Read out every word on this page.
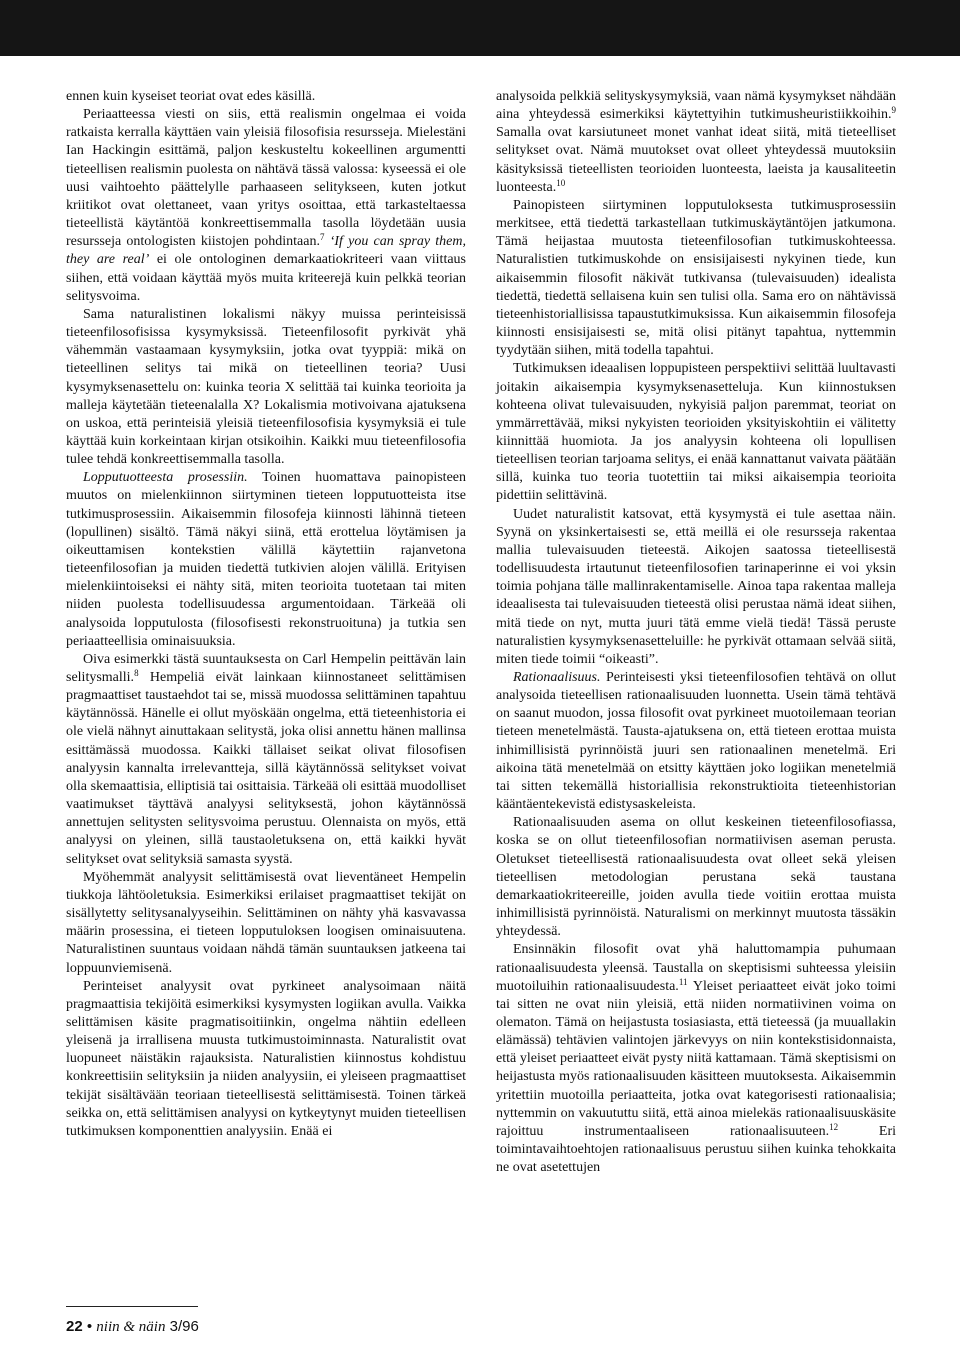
ennen kuin kyseiset teoriat ovat edes käsillä.

Periaatteessa viesti on siis, että realismin ongelmaa ei voida ratkaista kerralla käyttäen vain yleisiä filosofisia resursseja. Mielestäni Ian Hackingin esittämä, paljon keskusteltu kokeellinen argumentti tieteellisen realismin puolesta on nähtävä tässä valossa: kyseessä ei ole uusi vaihtoehto päättelylle parhaaseen selitykseen, kuten jotkut kriitikot ovat olettaneet, vaan yritys osoittaa, että tarkasteltaessa tieteellistä käytäntöä konkreettisemmalla tasolla löydetään uusia resursseja ontologisten kiistojen pohdintaan.$^7$ ‘If you can spray them, they are real’ ei ole ontologinen demarkaatiokriteeri vaan viittaus siihen, että voidaan käyttää myös muita kriteerejä kuin pelkkä teorian selitysvoima.

Sama naturalistinen lokalismi näkyy muissa perinteisissä tieteenfilosofisissa kysymyksissä. Tieteenfilosofit pyrkivät yhä vähemmän vastaamaan kysymyksiin, jotka ovat tyyppiä: mikä on tieteellinen selitys tai mikä on tieteellinen teoria? Uusi kysymyksenasettelu on: kuinka teoria X selittää tai kuinka teorioita ja malleja käytetään tieteenalalla X? Lokalismia motivoivana ajatuksena on uskoa, että perinteisiä yleisiä tieteenfilosofisia kysymyksiä ei tule käyttää kuin korkeintaan kirjan otsikoihin. Kaikki muu tieteenfilosofia tulee tehdä konkreettisemmalla tasolla.

Lopputuotteesta prosessiin. Toinen huomattava painopisteen muutos on mielenkiinnon siirtyminen tieteen lopputuotteista itse tutkimusprosessiin. Aikaisemmin filosofeja kiinnosti lähinnä tieteen (lopullinen) sisältö. Tämä näkyi siinä, että erottelua löytämisen ja oikeuttamisen kontekstien välillä käytettiin rajanvetona tieteenfilosofian ja muiden tiedettä tutkivien alojen välillä. Erityisen mielenkiintoiseksi ei nähty sitä, miten teorioita tuotetaan tai miten niiden puolesta todellisuudessa argumentoidaan. Tärkeää oli analysoida lopputulosta (filosofisesti rekonstruoituna) ja tutkia sen periaatteellisia ominaisuuksia.

Oiva esimerkki tästä suuntauksesta on Carl Hempelin peittävän lain selitysmalli.$^8$ Hempeliä eivät lainkaan kiinnostaneet selittämisen pragmaattiset taustaehdot tai se, missä muodossa selittäminen tapahtuu käytännössä. Hänelle ei ollut myöskään ongelma, että tieteenhistoria ei ole vielä nähnyt ainuttakaan selitystä, joka olisi annettu hänen mallinsa esittämässä muodossa. Kaikki tällaiset seikat olivat filosofisen analyysin kannalta irrelevantteja, sillä käytännössä selitykset voivat olla skemaattisia, elliptisiä tai osittaisia. Tärkeää oli esittää muodolliset vaatimukset täyttävä analyysi selityksestä, johon käytännössä annettujen selitysten selitysvoima perustuu. Olennaista on myös, että analyysi on yleinen, sillä taustaoletuksena on, että kaikki hyvät selitykset ovat selityksiä samasta syystä.

Myöhemmät analyysit selittämisestä ovat lieventäneet Hempelin tiukkoja lähtöoletuksia. Esimerkiksi erilaiset pragmaattiset tekijät on sisällytetty selitysanalyyseihin. Selittäminen on nähty yhä kasvavassa määrin prosessina, ei tieteen lopputuloksen loogisen ominaisuutena. Naturalistinen suuntaus voidaan nähdä tämän suuntauksen jatkeena tai loppuunviemisenä.

Perinteiset analyysit ovat pyrkineet analysoimaan näitä pragmaattisia tekijöitä esimerkiksi kysymysten logiikan avulla. Vaikka selittämisen käsite pragmatisoitiinkin, ongelma nähtiin edelleen yleisenä ja irrallisena muusta tutkimustoiminnasta. Naturalistit ovat luopuneet näistäkin rajauksista. Naturalistien kiinnostus kohdistuu konkreettisiin selityksiin ja niiden analyysiin, ei yleiseen pragmaattiset tekijät sisältävään teoriaan tieteellisestä selittämisestä. Toinen tärkeä seikka on, että selittämisen analyysi on kytkeytynyt muiden tieteellisen tutkimuksen komponenttien analyysiin. Enää ei

analysoida pelkkiä selityskysymyksiä, vaan nämä kysymykset nähdään aina yhteydessä esimerkiksi käytettyihin tutkimusheuristiikkoihin.$^9$ Samalla ovat karsiutuneet monet vanhat ideat siitä, mitä tieteelliset selitykset ovat. Nämä muutokset ovat olleet yhteydessä muutoksiin käsityksissä tieteellisten teorioiden luonteesta, laeista ja kausaliteetin luonteesta.$^{10}$

Painopisteen siirtyminen lopputuloksesta tutkimusprosessiin merkitsee, että tiedettä tarkastellaan tutkimuskäytäntöjen jatkumona. Tämä heijastaa muutosta tieteenfilosofian tutkimuskohteessa. Naturalistien tutkimuskohde on ensisijaisesti nykyinen tiede, kun aikaisemmin filosofit näkivät tutkivansa (tulevaisuuden) idealista tiedettä, tiedettä sellaisena kuin sen tulisi olla. Sama ero on nähtävissä tieteenhistoriallisissa tapaustutkimuksissa. Kun aikaisemmin filosofeja kiinnosti ensisijaisesti se, mitä olisi pitänyt tapahtua, nyttemmin tyydytään siihen, mitä todella tapahtui.

Tutkimuksen ideaalisen loppupisteen perspektiivi selittää luultavasti joitakin aikaisempia kysymyksenasetteluja. Kun kiinnostuksen kohteena olivat tulevaisuuden, nykyisiä paljon paremmat, teoriat on ymmärrettävää, miksi nykyisten teorioiden yksityiskohtiin ei välitetty kiinnittää huomiota. Ja jos analyysin kohteena oli lopullisen tieteellisen teorian tarjoama selitys, ei enää kannattanut vaivata päätään sillä, kuinka tuo teoria tuotettiin tai miksi aikaisempia teorioita pidettiin selittävinä.

Uudet naturalistit katsovat, että kysymystä ei tule asettaa näin. Syynä on yksinkertaisesti se, että meillä ei ole resursseja rakentaa mallia tulevaisuuden tieteestä. Aikojen saatossa tieteellisestä todellisuudesta irtautunut tieteenfilosofien tarinaperinne ei voi yksin toimia pohjana tälle mallinrakentamiselle. Ainoa tapa rakentaa malleja ideaalisesta tai tulevaisuuden tieteestä olisi perustaa nämä ideat siihen, mitä tiede on nyt, mutta juuri tätä emme vielä tiedä! Tässä peruste naturalistien kysymyksenasetteluille: he pyrkivät ottamaan selvää siitä, miten tiede toimii “oikeasti”.

Rationaalisuus. Perinteisesti yksi tieteenfilosofien tehtävä on ollut analysoida tieteellisen rationaalisuuden luonnetta. Usein tämä tehtävä on saanut muodon, jossa filosofit ovat pyrkineet muotoilemaan teorian tieteen menetelmästä. Tausta-ajatuksena on, että tieteen erottaa muista inhimillisistä pyrinnöistä juuri sen rationaalinen menetelmä. Eri aikoina tätä menetelmää on etsitty käyttäen joko logiikan menetelmiä tai sitten tekemällä historiallisia rekonstruktioita tieteenhistorian kääntäentekevistä edistysaskeleista.

Rationaalisuuden asema on ollut keskeinen tieteenfilosofiassa, koska se on ollut tieteenfilosofian normatiivisen aseman perusta. Oletukset tieteellisestä rationaalisuudesta ovat olleet sekä yleisen tieteellisen metodologian perustana sekä taustana demarkaatiokriteereille, joiden avulla tiede voitiin erottaa muista inhimillisistä pyrinnöistä. Naturalismi on merkinnyt muutosta tässäkin yhteydessä.

Ensinnäkin filosofit ovat yhä haluttomampia puhumaan rationaalisuudesta yleensä. Taustalla on skeptisismi suhteessa yleisiin muotoiluihin rationaalisuudesta.$^{11}$ Yleiset periaatteet eivät joko toimi tai sitten ne ovat niin yleisiä, että niiden normatiivinen voima on olematon. Tämä on heijastusta tosiasiasta, että tieteessä (ja muuallakin elämässä) tehtävien valintojen järkevyys on niin kontekstisidonnaista, että yleiset periaatteet eivät pysty niitä kattamaan. Tämä skeptisismi on heijastusta myös rationaalisuuden käsitteen muutoksesta. Aikaisemmin yritettiin muotoilla periaatteita, jotka ovat kategorisesti rationaalisia; nyttemmin on vakuututtu siitä, että ainoa mielekäs rationaalisuuskäsite rajoittuu instrumentaaliseen rationaalisuuteen.$^{12}$ Eri toimintavaihtoehtojen rationaalisuus perustuu siihen kuinka tehokkaita ne ovat asetettujen

22 • niin & näin 3/96
